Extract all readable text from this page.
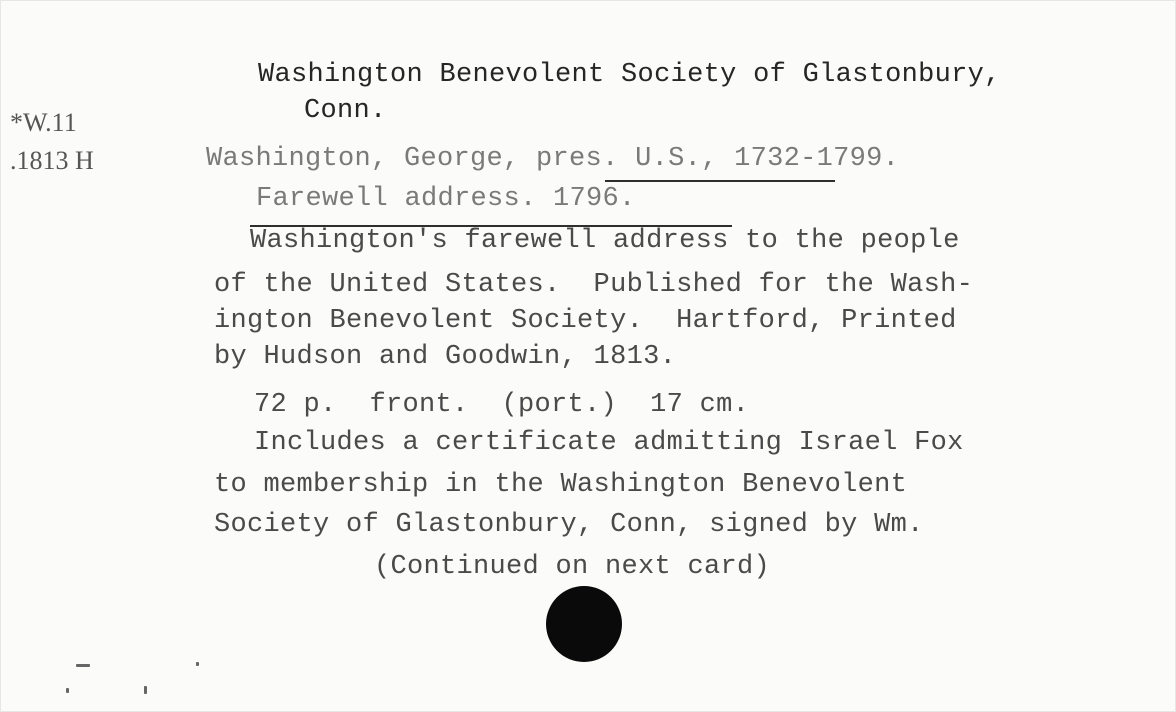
*W.11
.1813 H
Washington Benevolent Society of Glastonbury,
Conn.
Washington, George, pres. U.S., 1732-1799.
Farewell address. 1796.
Washington's farewell address to the people
of the United States.  Published for the Wash-
ington Benevolent Society.  Hartford, Printed
by Hudson and Goodwin, 1813.
72 p.  front.  (port.)  17 cm.
Includes a certificate admitting Israel Fox
to membership in the Washington Benevolent
Society of Glastonbury, Conn, signed by Wm.
(Continued on next card)
